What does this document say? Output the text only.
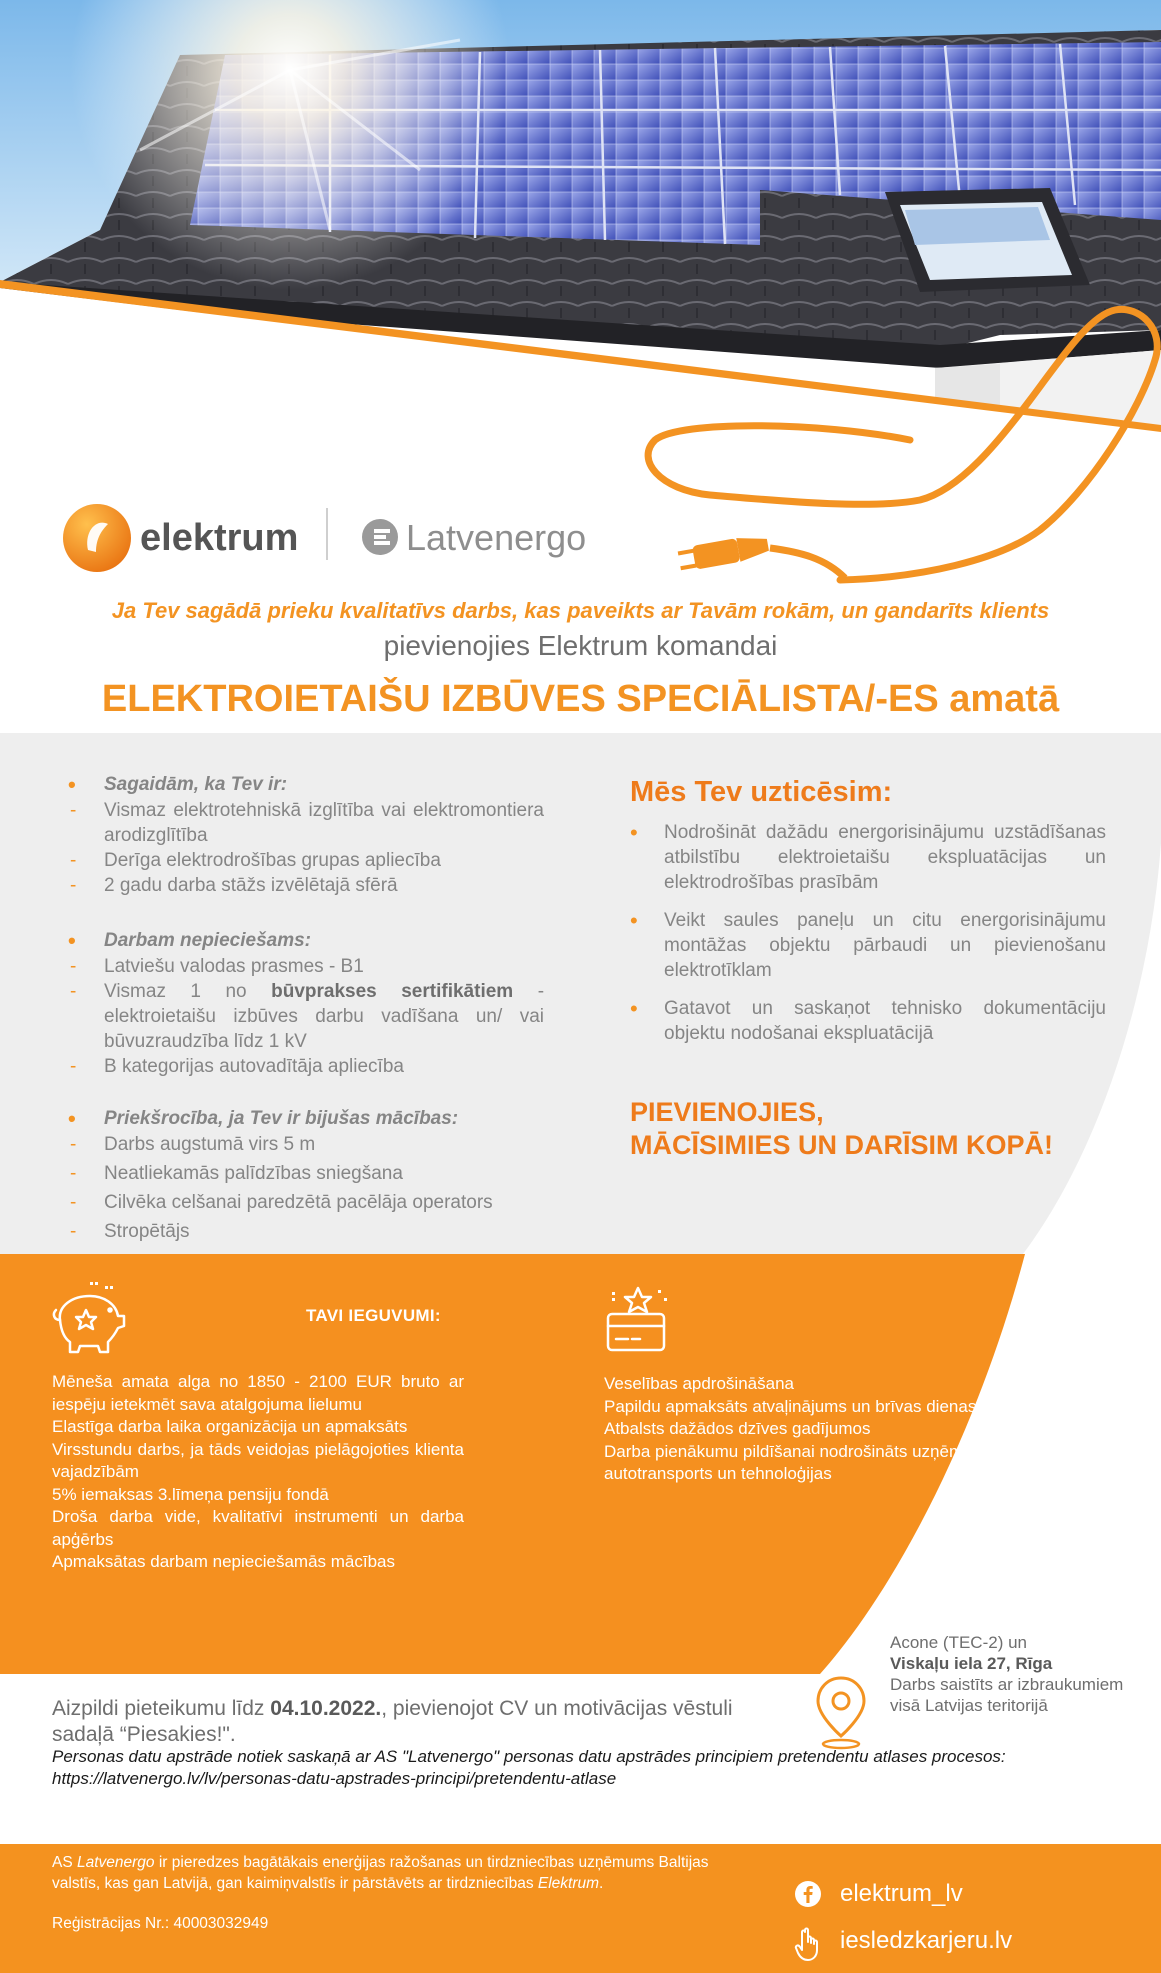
elektrum	Latvenergo
Ja Tev sagādā prieku kvalitatīvs darbs, kas paveikts ar Tavām rokām, un gandarīts klients
pievienojies Elektrum komandai
ELEKTROIETAIŠU IZBŪVES SPECIĀLISTA/-ES amatā
• Sagaidām, ka Tev ir:
- Vismaz elektrotehniskā izglītība vai elektromontiera arodizglītība
- Derīga elektrodrošības grupas apliecība
- 2 gadu darba stāžs izvēlētajā sfērā
• Darbam nepieciešams:
- Latviešu valodas prasmes - B1
- Vismaz 1 no būvprakses sertifikātiem - elektroietaišu izbūves darbu vadīšana un/ vai būvuzraudzība līdz 1 kV
- B kategorijas autovadītāja apliecība
• Priekšrocība, ja Tev ir bijušas mācības:
- Darbs augstumā virs 5 m
- Neatliekamās palīdzības sniegšana
- Cilvēka celšanai paredzētā pacēlāja operators
- Stropētājs
Mēs Tev uzticēsim:
• Nodrošināt dažādu energorisinājumu uzstādīšanas atbilstību elektroietaišu ekspluatācijas un elektrodrošības prasībām
• Veikt saules paneļu un citu energorisinājumu montāžas objektu pārbaudi un pievienošanu elektrotīklam
• Gatavot un saskaņot tehnisko dokumentāciju objektu nodošanai ekspluatācijā
PIEVIENOJIES,
MĀCĪSIMIES UN DARĪSIM KOPĀ!
TAVI IEGUVUMI:
Mēneša amata alga no 1850 - 2100 EUR bruto ar iespēju ietekmēt sava atalgojuma lielumu
Elastīga darba laika organizācija un apmaksāts
Virsstundu darbs, ja tāds veidojas pielāgojoties klienta vajadzībām
5% iemaksas 3.līmeņa pensiju fondā
Droša darba vide, kvalitatīvi instrumenti un darba apģērbs
Apmaksātas darbam nepieciešamās mācības
Veselības apdrošināšana
Papildu apmaksāts atvaļinājums un brīvas dienas
Atbalsts dažādos dzīves gadījumos
Darba pienākumu pildīšanai nodrošināts uzņēmuma autotransports un tehnoloģijas
Acone (TEC-2) un
Viskaļu iela 27, Rīga
Darbs saistīts ar izbraukumiem
visā Latvijas teritorijā
Aizpildi pieteikumu līdz 04.10.2022., pievienojot CV un motivācijas vēstuli sadaļā “Piesakies!".
Personas datu apstrāde notiek saskaņā ar AS "Latvenergo" personas datu apstrādes principiem pretendentu atlases procesos:
https://latvenergo.lv/lv/personas-datu-apstrades-principi/pretendentu-atlase
AS Latvenergo ir pieredzes bagātākais enerģijas ražošanas un tirdzniecības uzņēmums Baltijas valstīs, kas gan Latvijā, gan kaimiņvalstīs ir pārstāvēts ar tirdzniecības Elektrum.
Reģistrācijas Nr.: 40003032949
elektrum_lv
iesledzkarjeru.lv
